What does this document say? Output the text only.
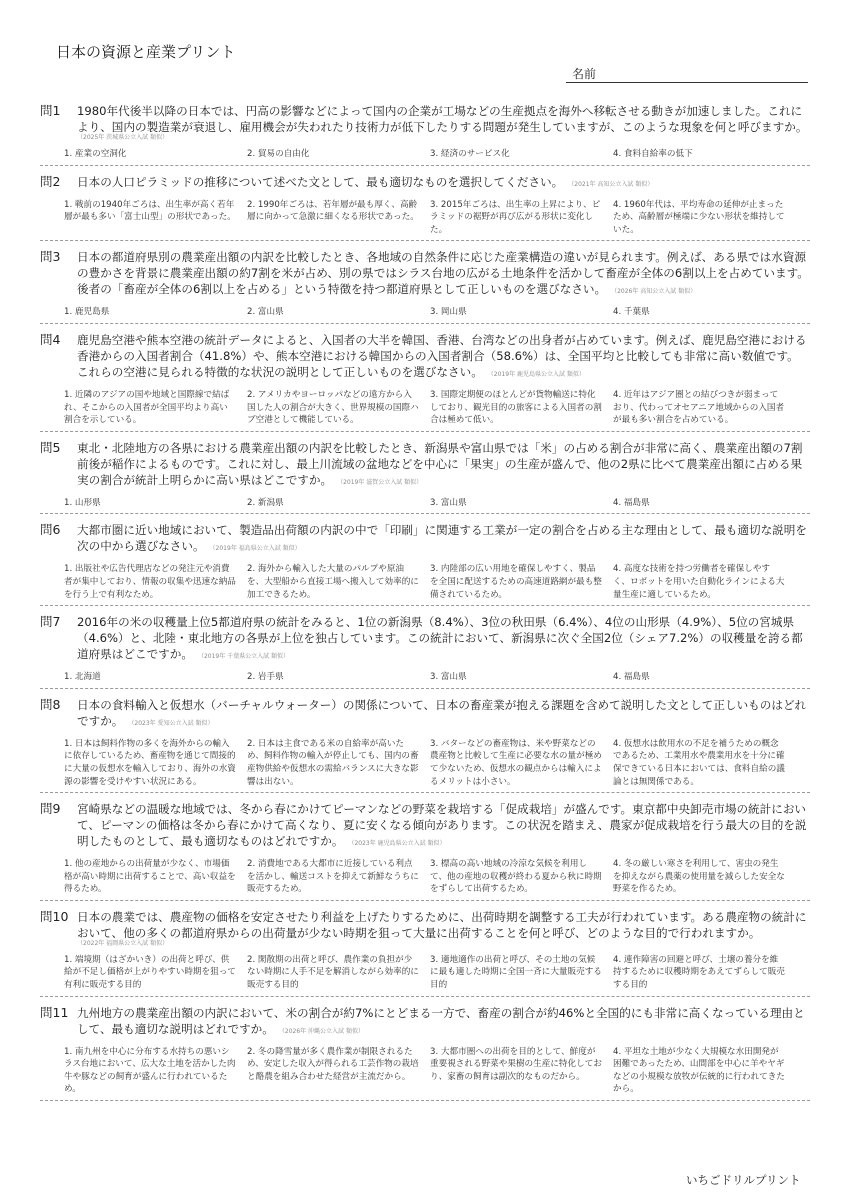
日本の資源と産業プリント
名前
問1	1980年代後半以降の日本では、円高の影響などによって国内の企業が工場などの生産拠点を海外へ移転させる動きが加速しました。これにより、国内の製造業が衰退し、雇用機会が失われたり技術力が低下したりする問題が発生していますが、このような現象を何と呼びますか。
（2025年 茨城県公立入試 類似）
1. 産業の空洞化	2. 貿易の自由化	3. 経済のサービス化	4. 食料自給率の低下
問2	日本の人口ピラミッドの推移について述べた文として、最も適切なものを選択してください。 （2021年 高知公立入試 類似）
1. 戦前の1940年ごろは、出生率が高く若年層が最も多い「富士山型」の形状であった。
2. 1990年ごろは、若年層が最も厚く、高齢層に向かって急激に細くなる形状であった。
3. 2015年ごろは、出生率の上昇により、ピラミッドの裾野が再び広がる形状に変化した。
4. 1960年代は、平均寿命の延伸が止まったため、高齢層が極端に少ない形状を維持していた。
問3	日本の都道府県別の農業産出額の内訳を比較したとき、各地域の自然条件に応じた産業構造の違いが見られます。例えば、ある県では水資源の豊かさを背景に農業産出額の約7割を米が占め、別の県ではシラス台地の広がる土地条件を活かして畜産が全体の6割以上を占めています。後者の「畜産が全体の6割以上を占める」という特徴を持つ都道府県として正しいものを選びなさい。 （2026年 高知公立入試 類似）
1. 鹿児島県	2. 富山県	3. 岡山県	4. 千葉県
問4	鹿児島空港や熊本空港の統計データによると、入国者の大半を韓国、香港、台湾などの出身者が占めています。例えば、鹿児島空港における香港からの入国者割合（41.8%）や、熊本空港における韓国からの入国者割合（58.6%）は、全国平均と比較しても非常に高い数値です。これらの空港に見られる特徴的な状況の説明として正しいものを選びなさい。 （2019年 鹿児島県公立入試 類似）
1. 近隣のアジアの国や地域と国際線で結ばれ、そこからの入国者が全国平均より高い割合を示している。
2. アメリカやヨーロッパなどの遠方から入国した人の割合が大きく、世界規模の国際ハブ空港として機能している。
3. 国際定期便のほとんどが貨物輸送に特化しており、観光目的の旅客による入国者の割合は極めて低い。
4. 近年はアジア圏との結びつきが弱まっており、代わってオセアニア地域からの入国者が最も多い割合を占めている。
問5	東北・北陸地方の各県における農業産出額の内訳を比較したとき、新潟県や富山県では「米」の占める割合が非常に高く、農業産出額の7割前後が稲作によるものです。これに対し、最上川流域の盆地などを中心に「果実」の生産が盛んで、他の2県に比べて農業産出額に占める果実の割合が統計上明らかに高い県はどこですか。 （2019年 滋賀公立入試 類似）
1. 山形県	2. 新潟県	3. 富山県	4. 福島県
問6	大都市圏に近い地域において、製造品出荷額の内訳の中で「印刷」に関連する工業が一定の割合を占める主な理由として、最も適切な説明を次の中から選びなさい。 （2019年 福島県公立入試 類似）
1. 出版社や広告代理店などの発注元や消費者が集中しており、情報の収集や迅速な納品を行う上で有利なため。
2. 海外から輸入した大量のパルプや原油を、大型船から直接工場へ搬入して効率的に加工できるため。
3. 内陸部の広い用地を確保しやすく、製品を全国に配送するための高速道路網が最も整備されているため。
4. 高度な技術を持つ労働者を確保しやすく、ロボットを用いた自動化ラインによる大量生産に適しているため。
問7	2016年の米の収穫量上位5都道府県の統計をみると、1位の新潟県（8.4%）、3位の秋田県（6.4%）、4位の山形県（4.9%）、5位の宮城県（4.6%）と、北陸・東北地方の各県が上位を独占しています。この統計において、新潟県に次ぐ全国2位（シェア7.2%）の収穫量を誇る都道府県はどこですか。 （2019年 千葉県公立入試 類似）
1. 北海道	2. 岩手県	3. 富山県	4. 福島県
問8	日本の食料輸入と仮想水（バーチャルウォーター）の関係について、日本の畜産業が抱える課題を含めて説明した文として正しいものはどれですか。 （2023年 愛知公立入試 類似）
1. 日本は飼料作物の多くを海外からの輸入に依存しているため、畜産物を通じて間接的に大量の仮想水を輸入しており、海外の水資源の影響を受けやすい状況にある。
2. 日本は主食である米の自給率が高いため、飼料作物の輸入が停止しても、国内の畜産物供給や仮想水の需給バランスに大きな影響は出ない。
3. バターなどの畜産物は、米や野菜などの農産物と比較して生産に必要な水の量が極めて少ないため、仮想水の観点からは輸入によるメリットは小さい。
4. 仮想水は飲用水の不足を補うための概念であるため、工業用水や農業用水を十分に確保できている日本においては、食料自給の議論とは無関係である。
問9	宮崎県などの温暖な地域では、冬から春にかけてピーマンなどの野菜を栽培する「促成栽培」が盛んです。東京都中央卸売市場の統計において、ピーマンの価格は冬から春にかけて高くなり、夏に安くなる傾向があります。この状況を踏まえ、農家が促成栽培を行う最大の目的を説明したものとして、最も適切なものはどれですか。 （2023年 鹿児島県公立入試 類似）
1. 他の産地からの出荷量が少なく、市場価格が高い時期に出荷することで、高い収益を得るため。
2. 消費地である大都市に近接している利点を活かし、輸送コストを抑えて新鮮なうちに販売するため。
3. 標高の高い地域の冷涼な気候を利用して、他の産地の収穫が終わる夏から秋に時期をずらして出荷するため。
4. 冬の厳しい寒さを利用して、害虫の発生を抑えながら農薬の使用量を減らした安全な野菜を作るため。
問10 日本の農業では、農産物の価格を安定させたり利益を上げたりするために、出荷時期を調整する工夫が行われています。ある農産物の統計において、他の多くの都道府県からの出荷量が少ない時期を狙って大量に出荷することを何と呼び、どのような目的で行われますか。
（2022年 福岡県公立入試 類似）
1. 端境期（はざかいき）の出荷と呼び、供給が不足し価格が上がりやすい時期を狙って有利に販売する目的
2. 閑散期の出荷と呼び、農作業の負担が少ない時期に人手不足を解消しながら効率的に販売する目的
3. 適地適作の出荷と呼び、その土地の気候に最も適した時期に全国一斉に大量販売する目的
4. 連作障害の回避と呼び、土壌の養分を維持するために収穫時期をあえてずらして販売する目的
問11 九州地方の農業産出額の内訳において、米の割合が約7%にとどまる一方で、畜産の割合が約46%と全国的にも非常に高くなっている理由として、最も適切な説明はどれですか。 （2026年 沖縄公立入試 類似）
1. 南九州を中心に分布する水持ちの悪いシラス台地において、広大な土地を活かした肉牛や豚などの飼育が盛んに行われているため。
2. 冬の降雪量が多く農作業が制限されるため、安定した収入が得られる工芸作物の栽培と酪農を組み合わせた経営が主流だから。
3. 大都市圏への出荷を目的として、鮮度が重要視される野菜や果樹の生産に特化しており、家畜の飼育は副次的なものだから。
4. 平坦な土地が少なく大規模な水田開発が困難であったため、山間部を中心に羊やヤギなどの小規模な放牧が伝統的に行われてきたから。
いちごドリルプリント
